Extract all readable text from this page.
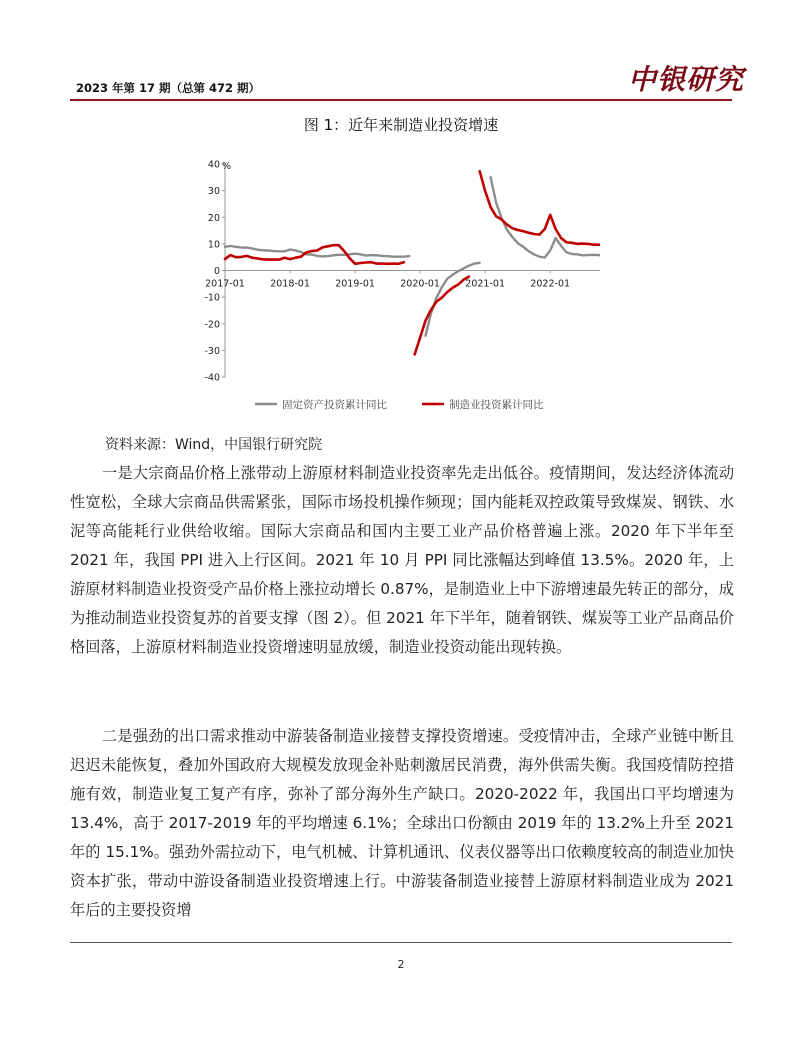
2023 年第 17 期（总第 472 期）	中银研究
图 1：近年来制造业投资增速
40
30
20
10
0
-10
-20
-30
-40
%
2017-01	2018-01	2019-01	2020-01	2021-01	2022-01
固定资产投资累计同比	制造业投资累计同比
资料来源：Wind，中国银行研究院

一是大宗商品价格上涨带动上游原材料制造业投资率先走出低谷。疫情期间，发达经济体流动性宽松，全球大宗商品供需紧张，国际市场投机操作频现；国内能耗双控政策导致煤炭、钢铁、水泥等高能耗行业供给收缩。国际大宗商品和国内主要工业产品价格普遍上涨。2020 年下半年至 2021 年，我国 PPI 进入上行区间。2021 年 10 月 PPI 同比涨幅达到峰值 13.5%。2020 年，上游原材料制造业投资受产品价格上涨拉动增长 0.87%，是制造业上中下游增速最先转正的部分，成为推动制造业投资复苏的首要支撑（图 2）。但 2021 年下半年，随着钢铁、煤炭等工业产品商品价格回落，上游原材料制造业投资增速明显放缓，制造业投资动能出现转换。

二是强劲的出口需求推动中游装备制造业接替支撑投资增速。受疫情冲击，全球产业链中断且迟迟未能恢复，叠加外国政府大规模发放现金补贴刺激居民消费，海外供需失衡。我国疫情防控措施有效，制造业复工复产有序，弥补了部分海外生产缺口。2020-2022 年，我国出口平均增速为 13.4%，高于 2017-2019 年的平均增速 6.1%；全球出口份额由 2019 年的 13.2%上升至 2021 年的 15.1%。强劲外需拉动下，电气机械、计算机通讯、仪表仪器等出口依赖度较高的制造业加快资本扩张，带动中游设备制造业投资增速上行。中游装备制造业接替上游原材料制造业成为 2021 年后的主要投资增

2
